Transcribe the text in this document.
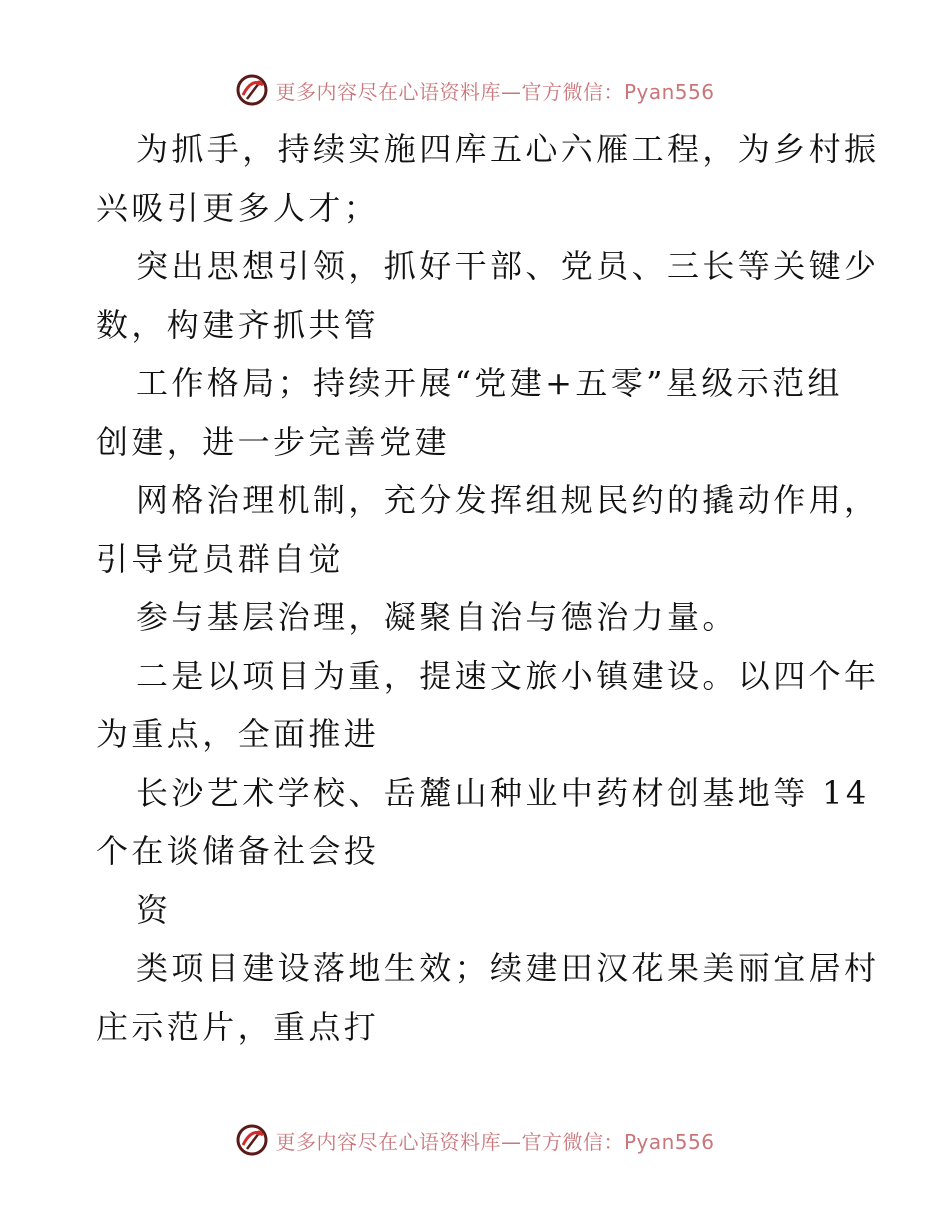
更多内容尽在心语资料库—官方微信：Pyan556
为抓手，持续实施四库五心六雁工程，为乡村振
兴吸引更多人才；
突出思想引领，抓好干部、党员、三长等关键少
数，构建齐抓共管
工作格局；持续开展“党建+五零”星级示范组
创建，进一步完善党建
网格治理机制，充分发挥组规民约的撬动作用，
引导党员群自觉
参与基层治理，凝聚自治与德治力量。
二是以项目为重，提速文旅小镇建设。以四个年
为重点，全面推进
长沙艺术学校、岳麓山种业中药材创基地等 14
个在谈储备社会投
资
类项目建设落地生效；续建田汉花果美丽宜居村
庄示范片，重点打
更多内容尽在心语资料库—官方微信：Pyan556
